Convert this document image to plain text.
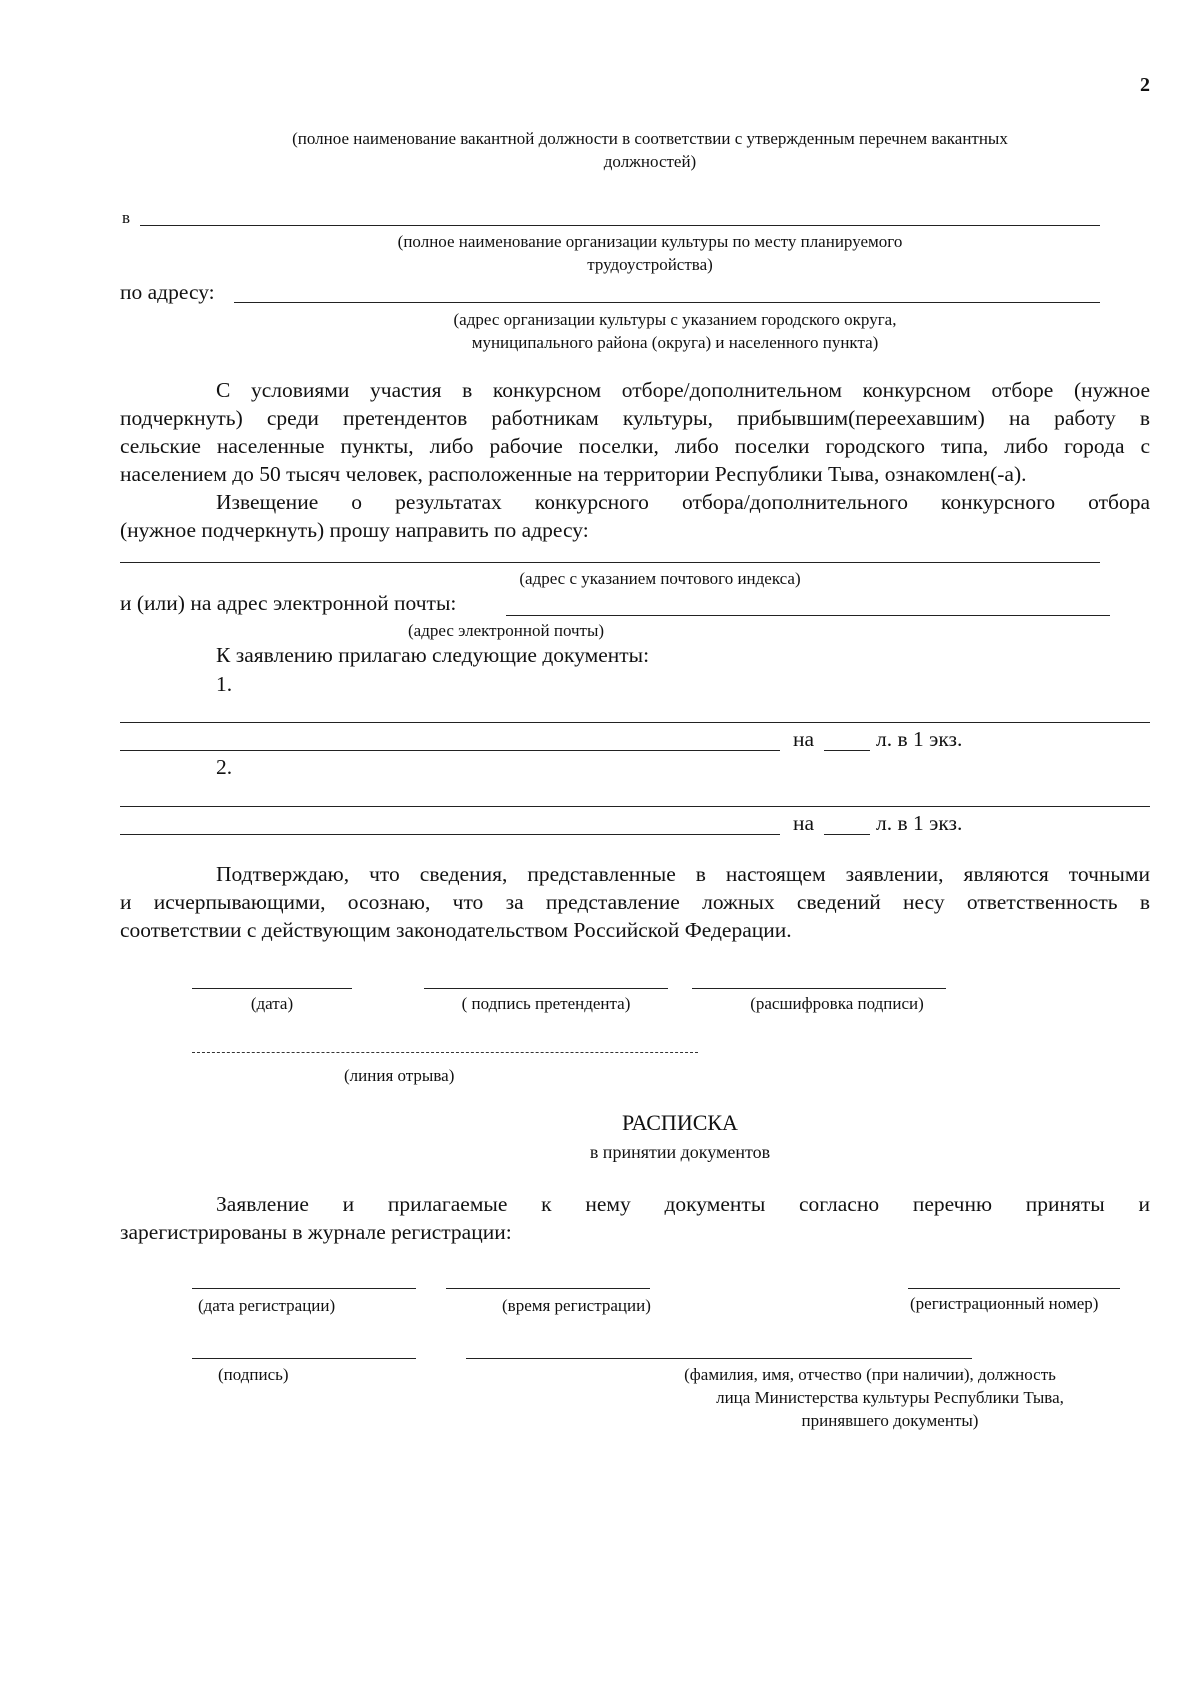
2
(полное наименование вакантной должности в соответствии с утвержденным перечнем вакантных
должностей)
в
(полное наименование организации культуры по месту планируемого
трудоустройства)
по адресу:
(адрес организации культуры с указанием городского округа,
муниципального района (округа) и населенного пункта)
С условиями участия в конкурсном отборе/дополнительном конкурсном отборе (нужное
подчеркнуть) среди претендентов работникам культуры, прибывшим(переехавшим) на работу в
сельские населенные пункты, либо рабочие поселки, либо поселки городского типа, либо города с
населением до 50 тысяч человек, расположенные на территории Республики Тыва, ознакомлен(-а).
Извещение о результатах конкурсного отбора/дополнительного конкурсного отбора
(нужное подчеркнуть) прошу направить по адресу:
(адрес с указанием почтового индекса)
и (или) на адрес электронной почты:
(адрес электронной почты)
К заявлению прилагаю следующие документы:
1.
на	л. в 1 экз.
2.
на	л. в 1 экз.
Подтверждаю, что сведения, представленные в настоящем заявлении, являются точными
и исчерпывающими, осознаю, что за представление ложных сведений несу ответственность в
соответствии с действующим законодательством Российской Федерации.
(дата)	( подпись претендента)	(расшифровка подписи)
(линия отрыва)
РАСПИСКА
в принятии документов
Заявление и прилагаемые к нему документы согласно перечню приняты и
зарегистрированы в журнале регистрации:
(дата регистрации)	(время регистрации)	(регистрационный номер)
(подпись)	(фамилия, имя, отчество (при наличии), должность
лица Министерства культуры Республики Тыва,
принявшего документы)
